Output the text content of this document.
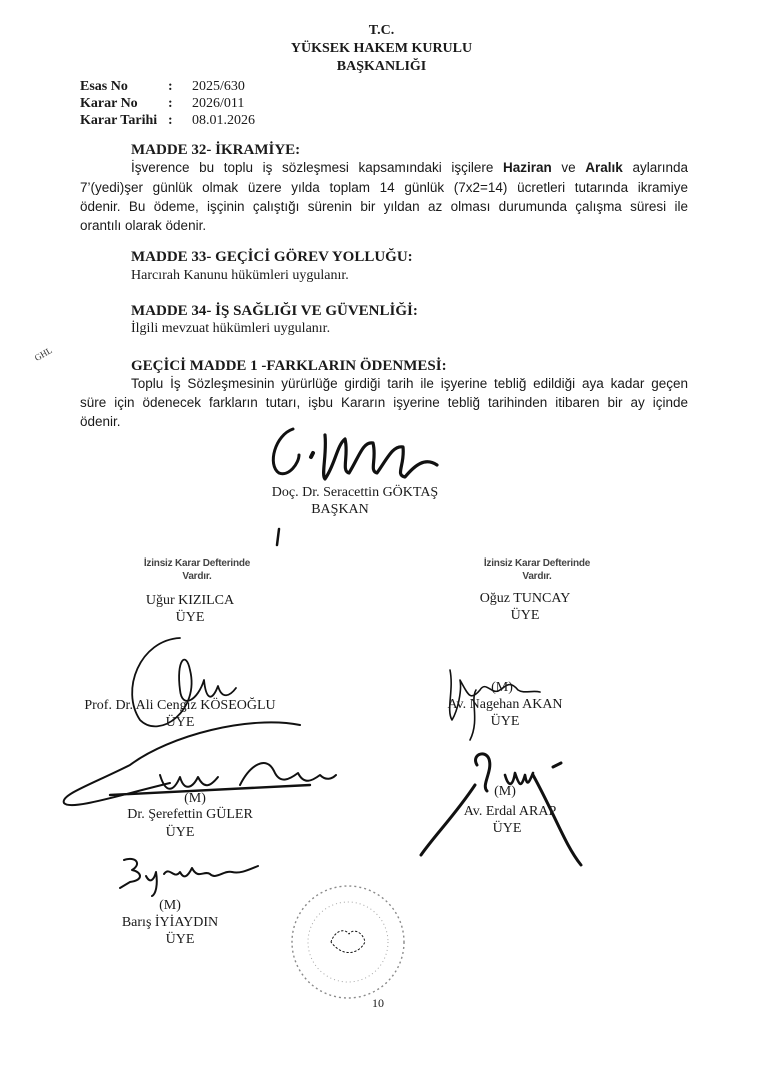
T.C.
YÜKSEK HAKEM KURULU
BAŞKANLIĞI
Esas No	: 2025/630
Karar No : 2026/011
Karar Tarihi : 08.01.2026
MADDE 32- İKRAMİYE:
İşverence bu toplu iş sözleşmesi kapsamındaki işçilere Haziran ve Aralık aylarında
7’(yedi)şer günlük olmak üzere yılda toplam 14 günlük (7x2=14) ücretleri tutarında ikramiye
ödenir. Bu ödeme, işçinin çalıştığı sürenin bir yıldan az olması durumunda çalışma süresi ile
orantılı olarak ödenir.
MADDE 33- GEÇİCİ GÖREV YOLLUĞU:
Harcırah Kanunu hükümleri uygulanır.
MADDE 34- İŞ SAĞLIĞI VE GÜVENLİĞİ:
İlgili mevzuat hükümleri uygulanır.
GHL
GEÇİCİ MADDE 1 -FARKLARIN ÖDENMESİ:
Toplu İş Sözleşmesinin yürürlüğe girdiği tarih ile işyerine tebliğ edildiği aya kadar geçen
süre için ödenecek farkların tutarı, işbu Kararın işyerine tebliğ tarihinden itibaren bir ay içinde
ödenir.
Doç. Dr. Seracettin GÖKTAŞ
BAŞKAN
İzinsiz Karar Defterinde
Vardır.
Uğur KIZILCA
ÜYE
İzinsiz Karar Defterinde
Vardır.
Oğuz TUNCAY
ÜYE
Prof. Dr. Ali Cengiz KÖSEOĞLU
ÜYE
(M)
Av. Nagehan AKAN
ÜYE
(M)
Dr. Şerefettin GÜLER
ÜYE
(M)
Av. Erdal ARAP
ÜYE
(M)
Barış İYİAYDIN
ÜYE
10
